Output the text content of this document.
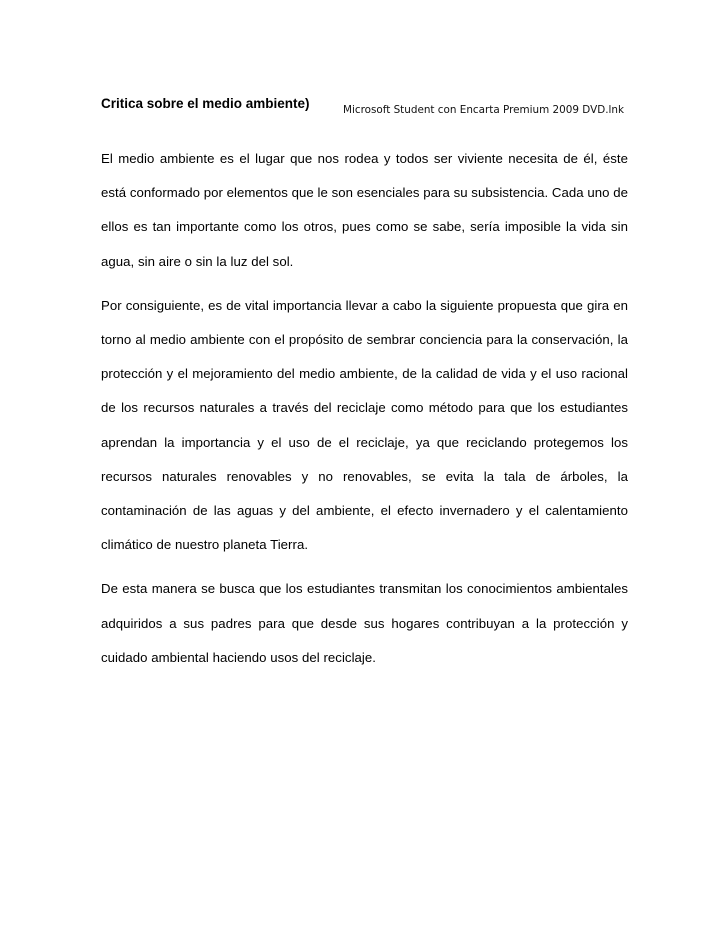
Critica sobre el medio ambiente)	Microsoft Student con Encarta Premium 2009 DVD.lnk

El medio ambiente es el lugar que nos rodea y todos ser viviente necesita de él, éste está conformado por elementos que le son esenciales para su subsistencia. Cada uno de ellos es tan importante como los otros, pues como se sabe, sería imposible la vida sin agua, sin aire o sin la luz del sol.

Por consiguiente, es de vital importancia llevar a cabo la siguiente propuesta que gira en torno al medio ambiente con el propósito de sembrar conciencia para la conservación, la protección y el mejoramiento del medio ambiente, de la calidad de vida y el uso racional de los recursos naturales a través del reciclaje como método para que los estudiantes aprendan la importancia y el uso de el reciclaje, ya que reciclando protegemos los recursos naturales renovables y no renovables, se evita la tala de árboles, la contaminación de las aguas y del ambiente, el efecto invernadero y el calentamiento climático de nuestro planeta Tierra.

De esta manera se busca que los estudiantes transmitan los conocimientos ambientales adquiridos a sus padres para que desde sus hogares contribuyan a la protección y cuidado ambiental haciendo usos del reciclaje.
